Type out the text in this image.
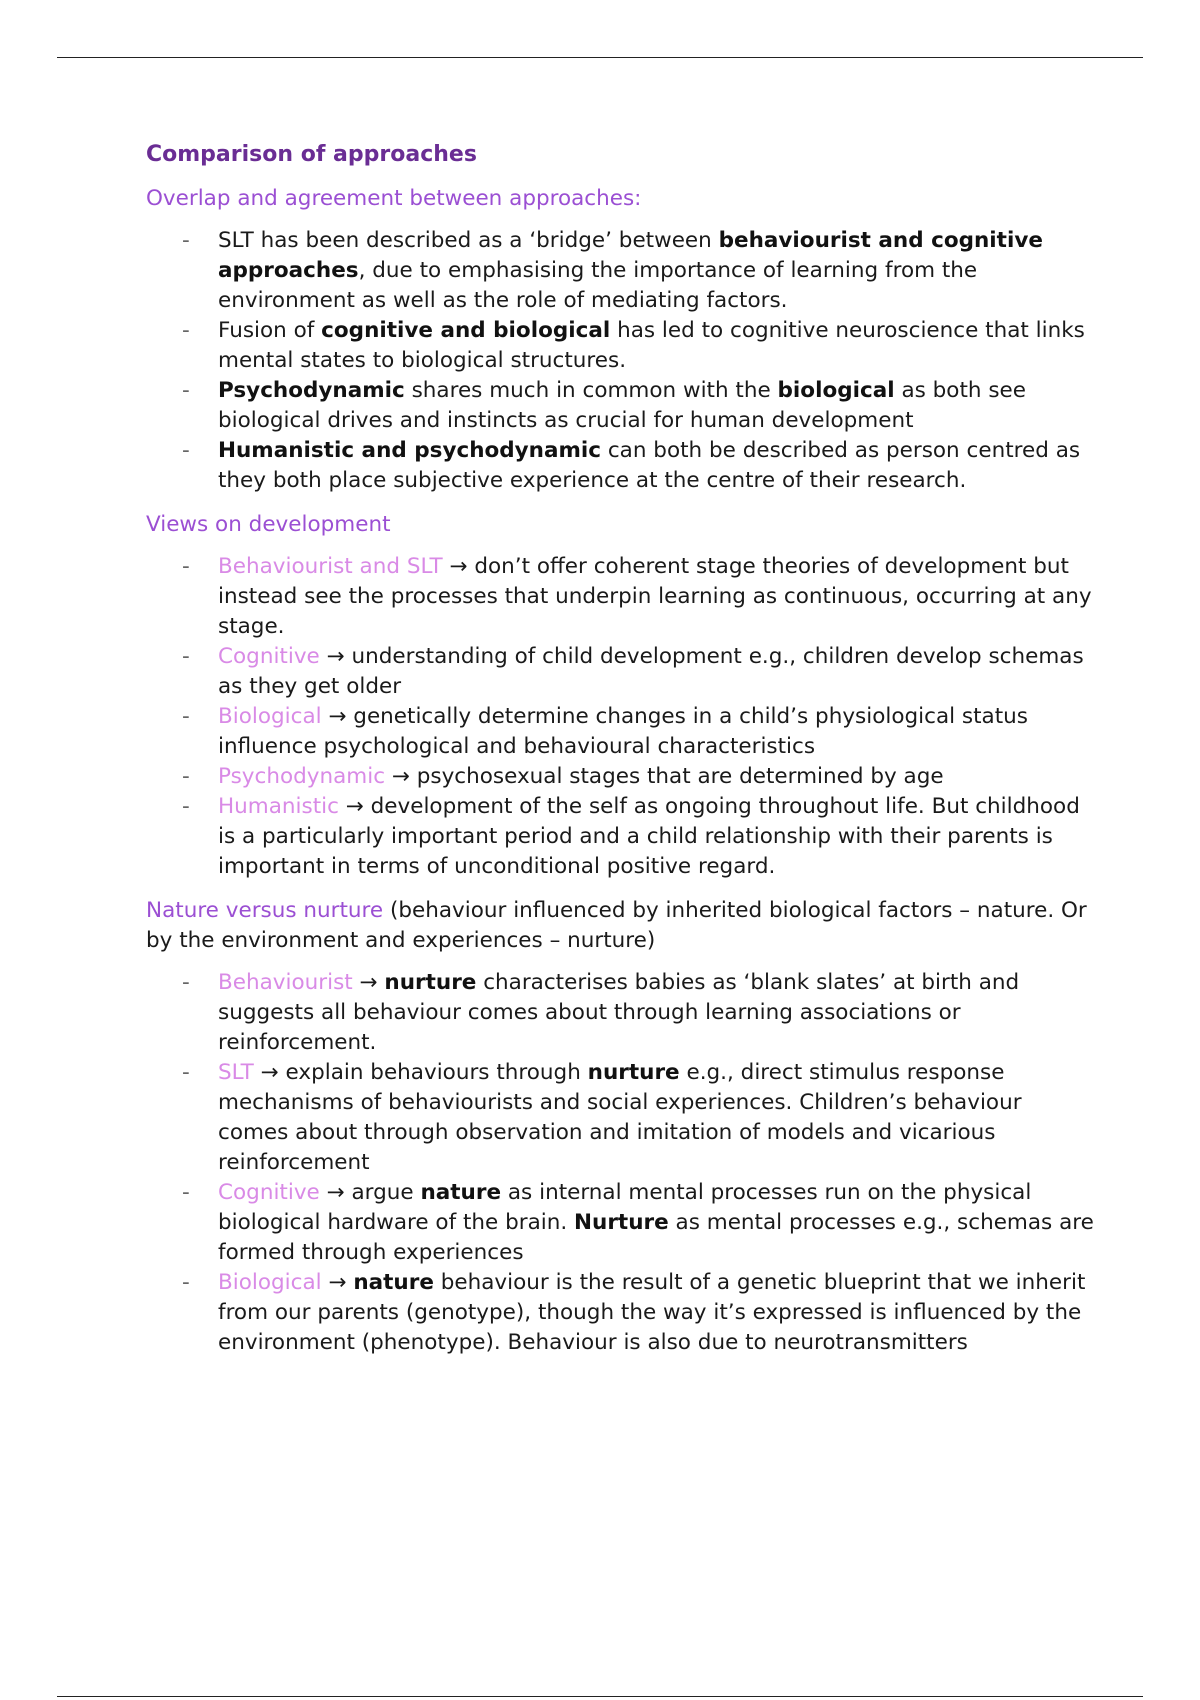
Comparison of approaches
Overlap and agreement between approaches:
- SLT has been described as a ‘bridge’ between behaviourist and cognitive approaches, due to emphasising the importance of learning from the environment as well as the role of mediating factors.
- Fusion of cognitive and biological has led to cognitive neuroscience that links mental states to biological structures.
- Psychodynamic shares much in common with the biological as both see biological drives and instincts as crucial for human development
- Humanistic and psychodynamic can both be described as person centred as they both place subjective experience at the centre of their research.
Views on development
- Behaviourist and SLT → don’t offer coherent stage theories of development but instead see the processes that underpin learning as continuous, occurring at any stage.
- Cognitive → understanding of child development e.g., children develop schemas as they get older
- Biological → genetically determine changes in a child’s physiological status influence psychological and behavioural characteristics
- Psychodynamic → psychosexual stages that are determined by age
- Humanistic → development of the self as ongoing throughout life. But childhood is a particularly important period and a child relationship with their parents is important in terms of unconditional positive regard.
Nature versus nurture (behaviour influenced by inherited biological factors – nature. Or by the environment and experiences – nurture)
- Behaviourist → nurture characterises babies as ‘blank slates’ at birth and suggests all behaviour comes about through learning associations or reinforcement.
- SLT → explain behaviours through nurture e.g., direct stimulus response mechanisms of behaviourists and social experiences. Children’s behaviour comes about through observation and imitation of models and vicarious reinforcement
- Cognitive → argue nature as internal mental processes run on the physical biological hardware of the brain. Nurture as mental processes e.g., schemas are formed through experiences
- Biological → nature behaviour is the result of a genetic blueprint that we inherit from our parents (genotype), though the way it’s expressed is influenced by the environment (phenotype). Behaviour is also due to neurotransmitters
